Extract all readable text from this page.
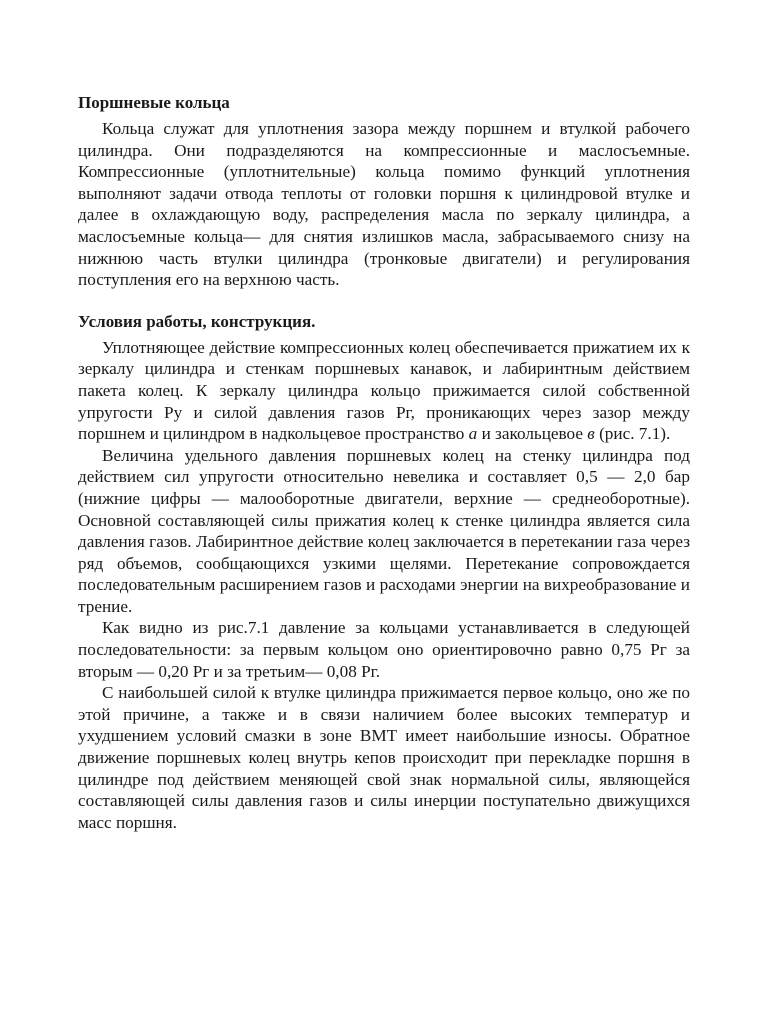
Поршневые кольца

Кольца служат для уплотнения зазора между поршнем и втулкой рабочего цилиндра. Они подразделяются на компрессионные и маслосъемные. Компрессионные (уплотнительные) кольца помимо функций уплотнения выполняют задачи отвода теплоты от головки поршня к цилиндровой втулке и далее в охлаждающую воду, распределения масла по зеркалу цилиндра, а маслосъемные кольца— для снятия излишков масла, забрасываемого снизу на нижнюю часть втулки цилиндра (тронковые двигатели) и регулирования поступления его на верхнюю часть.

Условия работы, конструкция.

Уплотняющее действие компрессионных колец обеспечивается прижатием их к зеркалу цилиндра и стенкам поршневых канавок, и лабиринтным действием пакета колец. К зеркалу цилиндра кольцо прижимается силой собственной упругости Pу и силой давления газов Pг, проникающих через зазор между поршнем и цилиндром в надкольцевое пространство а и закольцевое в (рис. 7.1).

Величина удельного давления поршневых колец на стенку цилиндра под действием сил упругости относительно невелика и составляет 0,5 — 2,0 бар (нижние цифры — малооборотные двигатели, верхние — среднеоборотные). Основной составляющей силы прижатия колец к стенке цилиндра является сила давления газов. Лабиринтное действие колец заключается в перетекании газа через ряд объемов, сообщающихся узкими щелями. Перетекание сопровождается последовательным расширением газов и расходами энергии на вихреобразование и трение.

Как видно из рис.7.1 давление за кольцами устанавливается в следующей последовательности: за первым кольцом оно ориентировочно равно 0,75 Pг за вторым — 0,20 Pг и за третьим— 0,08 Pг.

С наибольшей силой к втулке цилиндра прижимается первое кольцо, оно же по этой причине, а также и в связи наличием более высоких температур и ухудшением условий смазки в зоне ВМТ имеет наибольшие износы. Обратное движение поршневых колец внутрь кепов происходит при перекладке поршня в цилиндре под действием меняющей свой знак нормальной силы, являющейся составляющей силы давления газов и силы инерции поступательно движущихся масс поршня.
